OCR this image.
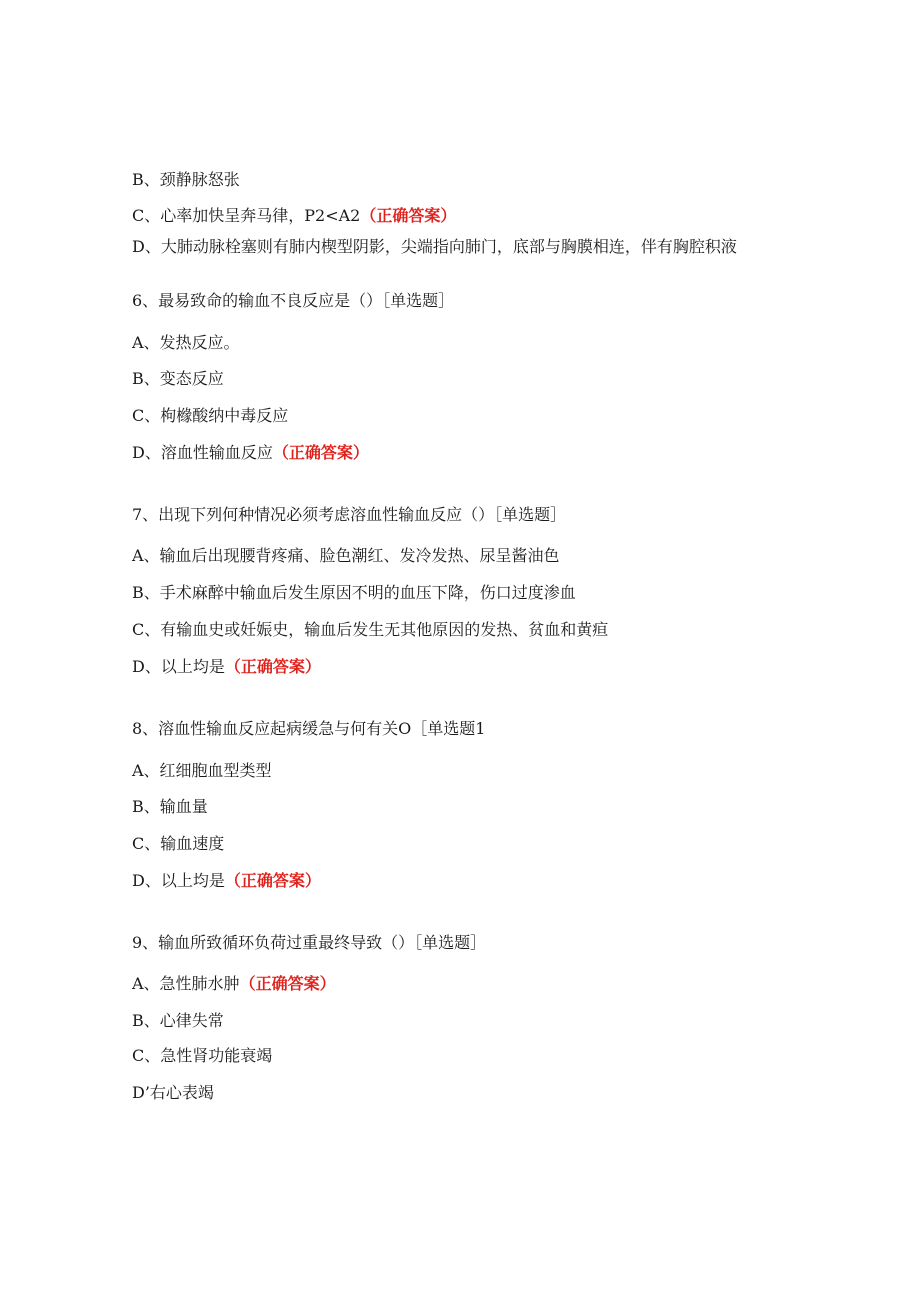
B、颈静脉怒张
C、心率加快呈奔马律，P2<A2（正确答案）
D、大肺动脉栓塞则有肺内楔型阴影，尖端指向肺门，底部与胸膜相连，伴有胸腔积液
6、最易致命的输血不良反应是（）［单选题］
A、发热反应。
B、变态反应
C、枸橼酸纳中毒反应
D、溶血性输血反应（正确答案）
7、出现下列何种情况必须考虑溶血性输血反应（）［单选题］
A、输血后出现腰背疼痛、脸色潮红、发冷发热、尿呈酱油色
B、手术麻醉中输血后发生原因不明的血压下降，伤口过度渗血
C、有输血史或妊娠史，输血后发生无其他原因的发热、贫血和黄疸
D、以上均是（正确答案）
8、溶血性输血反应起病缓急与何有关O［单选题1
A、红细胞血型类型
B、输血量
C、输血速度
D、以上均是（正确答案）
9、输血所致循环负荷过重最终导致（）［单选题］
A、急性肺水肿（正确答案）
B、心律失常
C、急性肾功能衰竭
D’右心表竭
